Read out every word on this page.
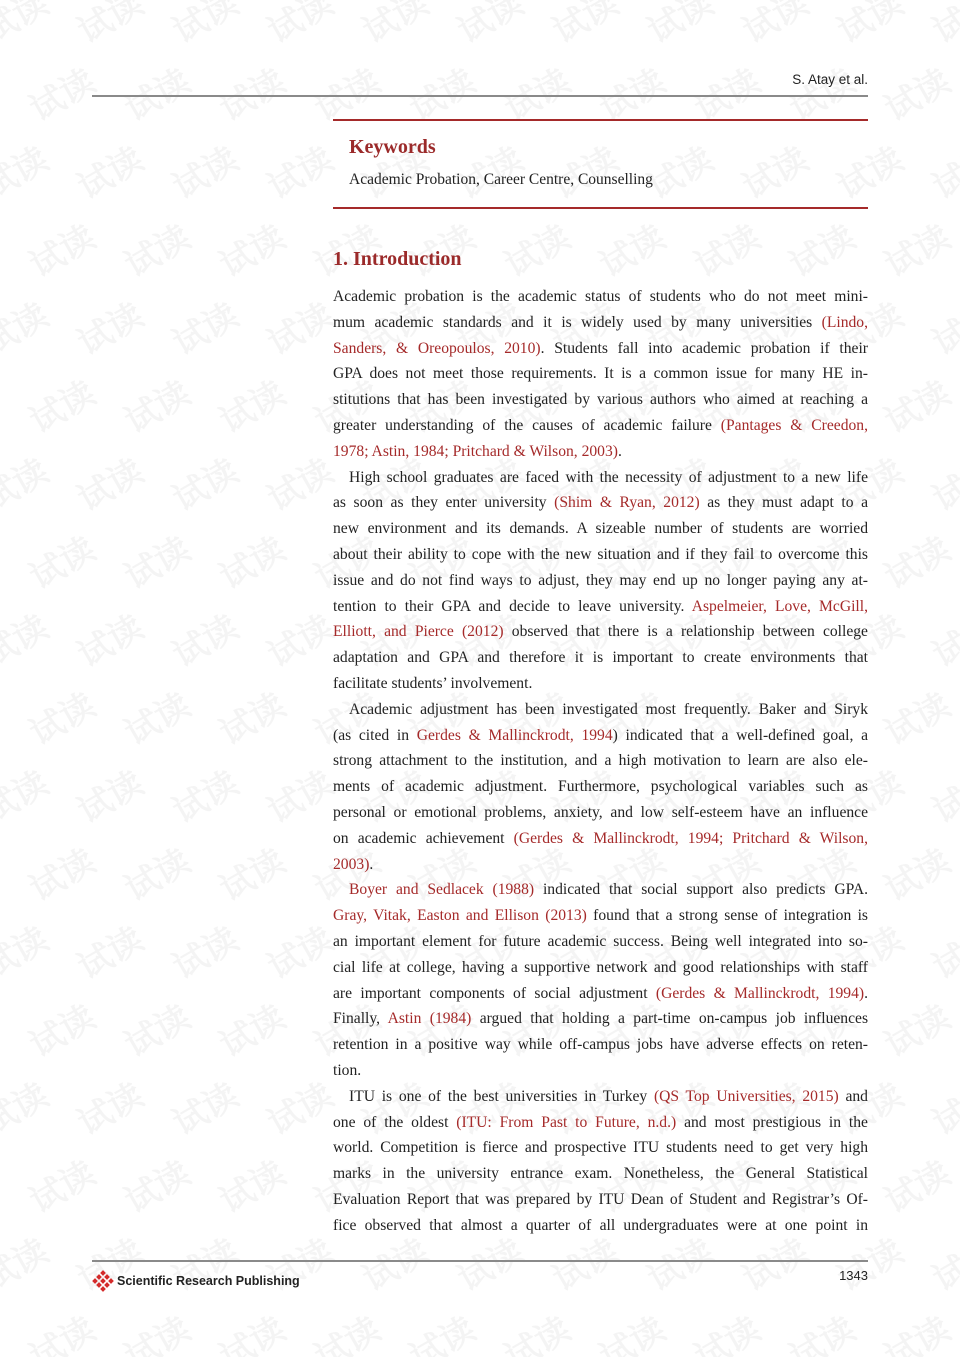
S. Atay et al.
Keywords
Academic Probation, Career Centre, Counselling
1. Introduction
Academic probation is the academic status of students who do not meet mini-
mum academic standards and it is widely used by many universities (Lindo,
Sanders, & Oreopoulos, 2010). Students fall into academic probation if their
GPA does not meet those requirements. It is a common issue for many HE in-
stitutions that has been investigated by various authors who aimed at reaching a
greater understanding of the causes of academic failure (Pantages & Creedon,
1978; Astin, 1984; Pritchard & Wilson, 2003).
High school graduates are faced with the necessity of adjustment to a new life
as soon as they enter university (Shim & Ryan, 2012) as they must adapt to a
new environment and its demands. A sizeable number of students are worried
about their ability to cope with the new situation and if they fail to overcome this
issue and do not find ways to adjust, they may end up no longer paying any at-
tention to their GPA and decide to leave university. Aspelmeier, Love, McGill,
Elliott, and Pierce (2012) observed that there is a relationship between college
adaptation and GPA and therefore it is important to create environments that
facilitate students’ involvement.
Academic adjustment has been investigated most frequently. Baker and Siryk
(as cited in Gerdes & Mallinckrodt, 1994) indicated that a well-defined goal, a
strong attachment to the institution, and a high motivation to learn are also ele-
ments of academic adjustment. Furthermore, psychological variables such as
personal or emotional problems, anxiety, and low self-esteem have an influence
on academic achievement (Gerdes & Mallinckrodt, 1994; Pritchard & Wilson,
2003).
Boyer and Sedlacek (1988) indicated that social support also predicts GPA.
Gray, Vitak, Easton and Ellison (2013) found that a strong sense of integration is
an important element for future academic success. Being well integrated into so-
cial life at college, having a supportive network and good relationships with staff
are important components of social adjustment (Gerdes & Mallinckrodt, 1994).
Finally, Astin (1984) argued that holding a part-time on-campus job influences
retention in a positive way while off-campus jobs have adverse effects on reten-
tion.
ITU is one of the best universities in Turkey (QS Top Universities, 2015) and
one of the oldest (ITU: From Past to Future, n.d.) and most prestigious in the
world. Competition is fierce and prospective ITU students need to get very high
marks in the university entrance exam. Nonetheless, the General Statistical
Evaluation Report that was prepared by ITU Dean of Student and Registrar’s Of-
fice observed that almost a quarter of all undergraduates were at one point in
Scientific Research Publishing	1343
